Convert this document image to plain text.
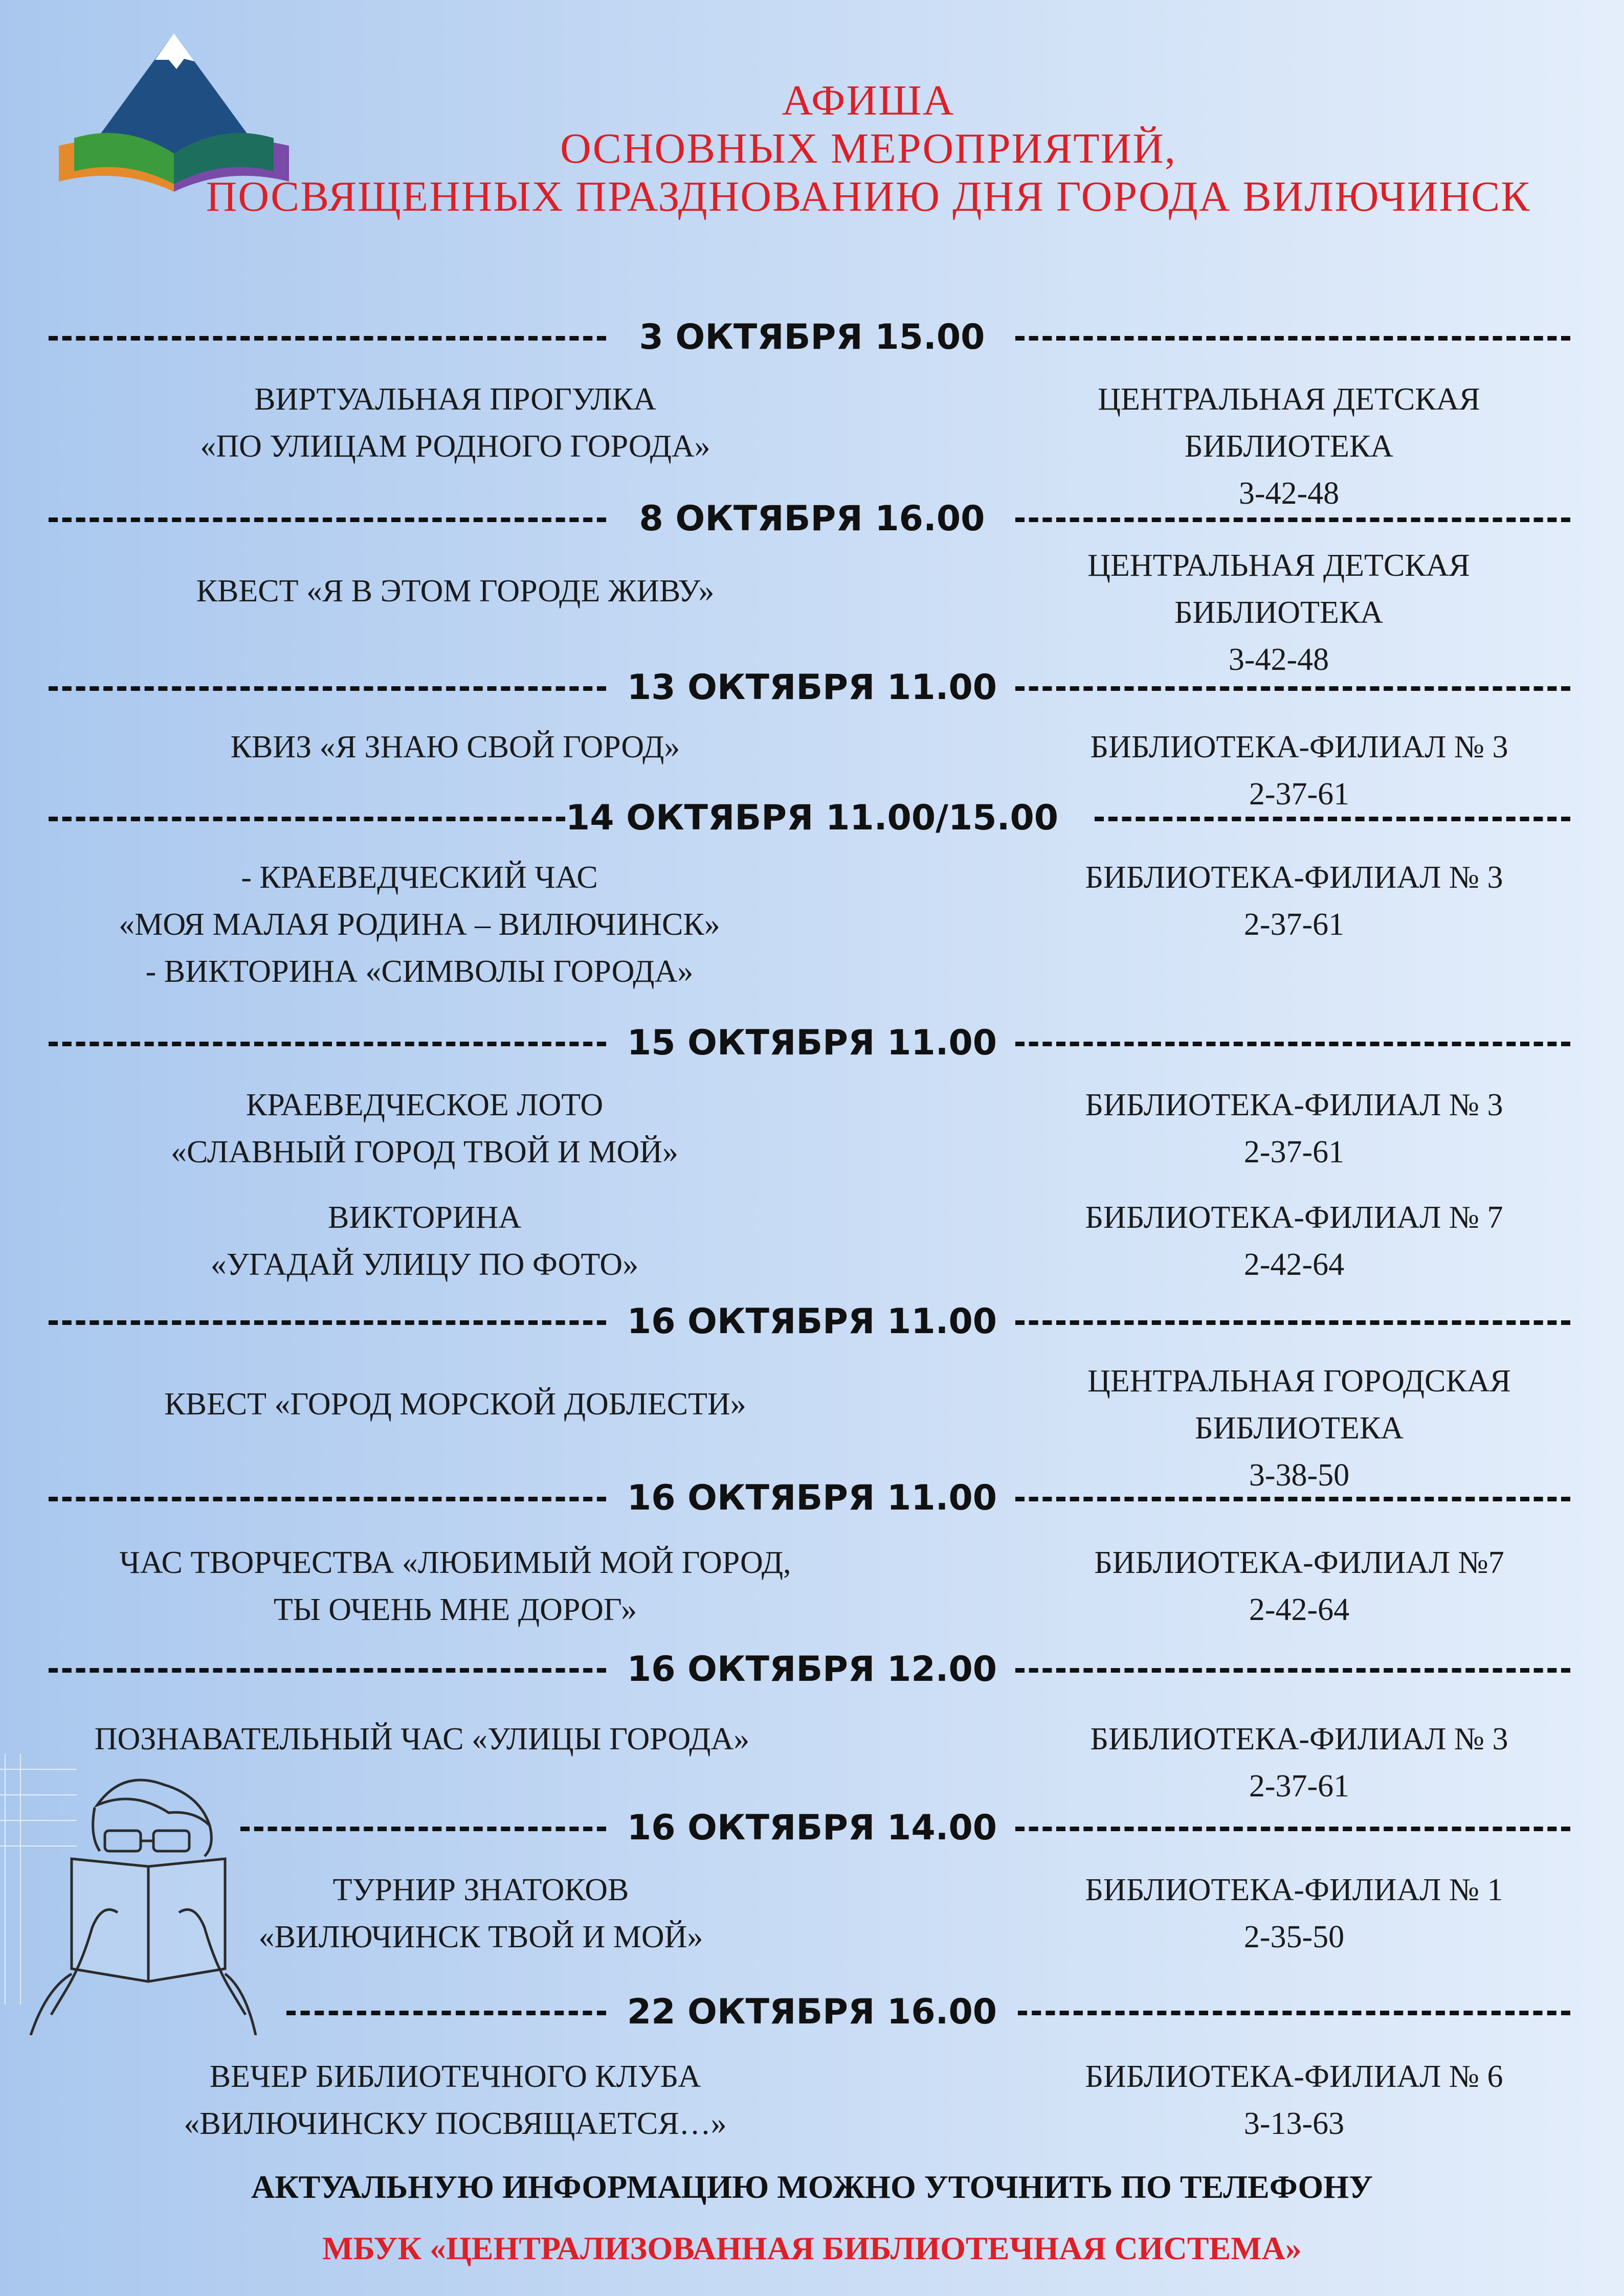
АФИША
ОСНОВНЫХ МЕРОПРИЯТИЙ,
ПОСВЯЩЕННЫХ ПРАЗДНОВАНИЮ ДНЯ ГОРОДА ВИЛЮЧИНСК
3 ОКТЯБРЯ 15.00
8 ОКТЯБРЯ 16.00
13 ОКТЯБРЯ 11.00
14 ОКТЯБРЯ 11.00/15.00
15 ОКТЯБРЯ 11.00
16 ОКТЯБРЯ 11.00
16 ОКТЯБРЯ 11.00
16 ОКТЯБРЯ 12.00
16 ОКТЯБРЯ 14.00
22 ОКТЯБРЯ 16.00
ВИРТУАЛЬНАЯ ПРОГУЛКА
«ПО УЛИЦАМ РОДНОГО ГОРОДА»
ЦЕНТРАЛЬНАЯ ДЕТСКАЯ
БИБЛИОТЕКА
3-42-48
КВЕСТ «Я В ЭТОМ ГОРОДЕ ЖИВУ»
ЦЕНТРАЛЬНАЯ ДЕТСКАЯ
БИБЛИОТЕКА
3-42-48
КВИЗ «Я ЗНАЮ СВОЙ ГОРОД»	БИБЛИОТЕКА-ФИЛИАЛ № 3
2-37-61
- КРАЕВЕДЧЕСКИЙ ЧАС
«МОЯ МАЛАЯ РОДИНА – ВИЛЮЧИНСК»
- ВИКТОРИНА «СИМВОЛЫ ГОРОДА»
БИБЛИОТЕКА-ФИЛИАЛ № 3
2-37-61
КРАЕВЕДЧЕСКОЕ ЛОТО
«СЛАВНЫЙ ГОРОД ТВОЙ И МОЙ»
БИБЛИОТЕКА-ФИЛИАЛ № 3
2-37-61
ВИКТОРИНА
«УГАДАЙ УЛИЦУ ПО ФОТО»
БИБЛИОТЕКА-ФИЛИАЛ № 7
2-42-64
КВЕСТ «ГОРОД МОРСКОЙ ДОБЛЕСТИ»
ЦЕНТРАЛЬНАЯ ГОРОДСКАЯ
БИБЛИОТЕКА
3-38-50
ЧАС ТВОРЧЕСТВА «ЛЮБИМЫЙ МОЙ ГОРОД,
ТЫ ОЧЕНЬ МНЕ ДОРОГ»
БИБЛИОТЕКА-ФИЛИАЛ №7
2-42-64
ПОЗНАВАТЕЛЬНЫЙ ЧАС «УЛИЦЫ ГОРОДА»	БИБЛИОТЕКА-ФИЛИАЛ № 3
2-37-61
ТУРНИР ЗНАТОКОВ
«ВИЛЮЧИНСК ТВОЙ И МОЙ»
БИБЛИОТЕКА-ФИЛИАЛ № 1
2-35-50
ВЕЧЕР БИБЛИОТЕЧНОГО КЛУБА
«ВИЛЮЧИНСКУ ПОСВЯЩАЕТСЯ…»
БИБЛИОТЕКА-ФИЛИАЛ № 6
3-13-63
АКТУАЛЬНУЮ ИНФОРМАЦИЮ МОЖНО УТОЧНИТЬ ПО ТЕЛЕФОНУ
МБУК «ЦЕНТРАЛИЗОВАННАЯ БИБЛИОТЕЧНАЯ СИСТЕМА»
